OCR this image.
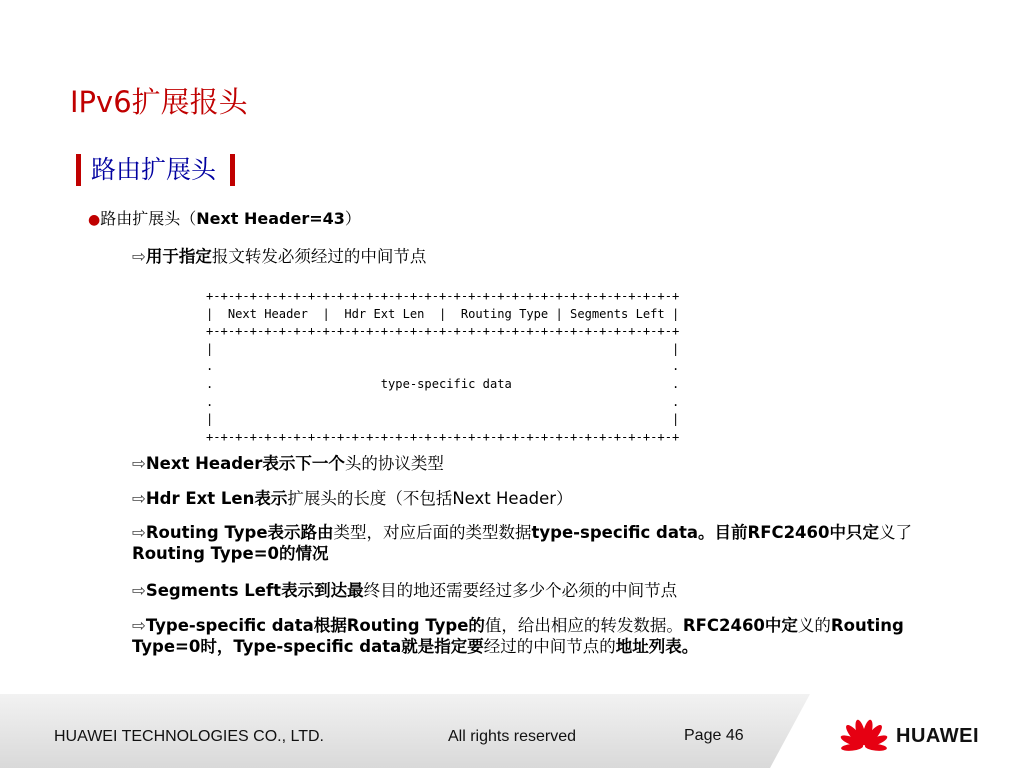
IPv6扩展报头
路由扩展头
●路由扩展头（Next Header=43）
⇨用于指定报文转发必须经过的中间节点
+-+-+-+-+-+-+-+-+-+-+-+-+-+-+-+-+-+-+-+-+-+-+-+-+-+-+-+-+-+-+-+-+
|  Next Header  |  Hdr Ext Len  |  Routing Type | Segments Left |
+-+-+-+-+-+-+-+-+-+-+-+-+-+-+-+-+-+-+-+-+-+-+-+-+-+-+-+-+-+-+-+-+
|                                                               |
.                                                               .
.                       type-specific data                      .
.                                                               .
|                                                               |
+-+-+-+-+-+-+-+-+-+-+-+-+-+-+-+-+-+-+-+-+-+-+-+-+-+-+-+-+-+-+-+-+
⇨Next Header表示下一个头的协议类型
⇨Hdr Ext Len表示扩展头的长度（不包括Next Header）
⇨Routing Type表示路由类型，对应后面的类型数据type-specific data。目前RFC2460中只定义了Routing Type=0的情况
⇨Segments Left表示到达最终目的地还需要经过多少个必须的中间节点
⇨Type-specific data根据Routing Type的值，给出相应的转发数据。RFC2460中定义的Routing Type=0时，Type-specific data就是指定要经过的中间节点的地址列表。
HUAWEI TECHNOLOGIES CO., LTD.	All rights reserved	Page 46	HUAWEI
